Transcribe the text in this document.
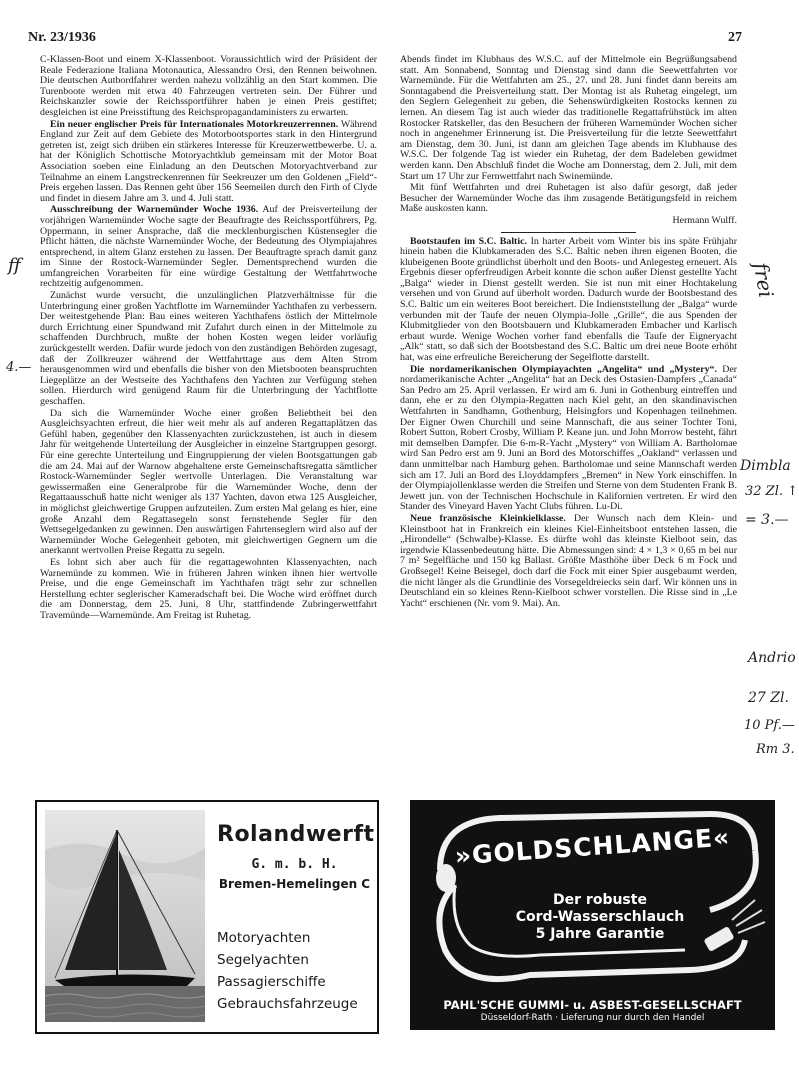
Nr. 23/1936	27

C-Klassen-Boot und einem X-Klassenboot. Voraussichtlich wird der Präsident der Reale Federazione Italiana Motonautica, Alessandro Orsi, den Rennen beiwohnen. Die deutschen Autbordfahrer werden nahezu vollzählig an den Start kommen. Die Turenboote werden mit etwa 40 Fahrzeugen vertreten sein. Der Führer und Reichskanzler sowie der Reichssportführer haben je einen Preis gestiftet; desgleichen ist eine Preisstiftung des Reichspropagandaministers zu erwarten.

Ein neuer englischer Preis für Internationales Motorkreuzerrennen. Während England zur Zeit auf dem Gebiete des Motorbootsportes stark in den Hintergrund getreten ist, zeigt sich drüben ein stärkeres Interesse für Kreuzerwettbewerbe. U. a. hat der Königlich Schottische Motoryachtklub gemeinsam mit der Motor Boat Association soeben eine Einladung an den Deutschen Motoryachtverband zur Teilnahme an einem Langstreckenrennen für Seekreuzer um den Goldenen „Field“-Preis ergehen lassen. Das Rennen geht über 156 Seemeilen durch den Firth of Clyde und findet in diesem Jahre am 3. und 4. Juli statt.

Ausschreibung der Warnemünder Woche 1936. Auf der Preisverteilung der vorjährigen Warnemünder Woche sagte der Beauftragte des Reichssportführers, Pg. Oppermann, in seiner Ansprache, daß die mecklenburgischen Küstensegler die Pflicht hätten, die nächste Warnemünder Woche, der Bedeutung des Olympiajahres entsprechend, in altem Glanz erstehen zu lassen. Der Beauftragte sprach damit ganz im Sinne der Rostock-Warnemünder Segler. Dementsprechend wurden die umfangreichen Vorarbeiten für eine würdige Gestaltung der Wettfahrtwoche rechtzeitig aufgenommen.

Zunächst wurde versucht, die unzulänglichen Platzverhältnisse für die Unterbringung einer großen Yachtflotte im Warnemünder Yachthafen zu verbessern. Der weitestgehende Plan: Bau eines weiteren Yachthafens östlich der Mittelmole durch Errichtung einer Spundwand mit Zufahrt durch einen in der Mittelmole zu schaffenden Durchbruch, mußte der hohen Kosten wegen leider vorläufig zurückgestellt werden. Dafür wurde jedoch von den zuständigen Behörden zugesagt, daß der Zollkreuzer während der Wettfahrttage aus dem Alten Strom herausgenommen wird und ebenfalls die bisher von den Mietsbooten beanspruchten Liegeplätze an der Westseite des Yachthafens den Yachten zur Verfügung stehen sollen. Hierdurch wird genügend Raum für die Unterbringung der Yachtflotte geschaffen.

Da sich die Warnemünder Woche einer großen Beliebtheit bei den Ausgleichsyachten erfreut, die hier weit mehr als auf anderen Regattaplätzen das Gefühl haben, gegenüber den Klassenyachten zurückzustehen, ist auch in diesem Jahr für weitgehende Unterteilung der Ausgleicher in einzelne Startgruppen gesorgt. Für eine gerechte Unterteilung und Eingruppierung der vielen Bootsgattungen gab die am 24. Mai auf der Warnow abgehaltene erste Gemeinschaftsregatta sämtlicher Rostock-Warnemünder Segler wertvolle Unterlagen. Die Veranstaltung war gewissermaßen eine Generalprobe für die Warnemünder Woche, denn der Regattaausschuß hatte nicht weniger als 137 Yachten, davon etwa 125 Ausgleicher, in möglichst gleichwertige Gruppen aufzuteilen. Zum ersten Mal gelang es hier, eine große Anzahl dem Regattasegeln sonst fernstehende Segler für den Wettsegelgedanken zu gewinnen. Den auswärtigen Fahrtenseglern wird also auf der Warnemünder Woche Gelegenheit geboten, mit gleichwertigen Gegnern um die anerkannt wertvollen Preise Regatta zu segeln.

Es lohnt sich aber auch für die regattagewohnten Klassenyachten, nach Warnemünde zu kommen. Wie in früheren Jahren winken ihnen hier wertvolle Preise, und die enge Gemeinschaft im Yachthafen trägt sehr zur schnellen Herstellung echter seglerischer Kameradschaft bei. Die Woche wird eröffnet durch die am Donnerstag, dem 25. Juni, 8 Uhr, stattfindende Zubringerwettfahrt Travemünde—Warnemünde. Am Freitag ist Ruhetag.

Abends findet im Klubhaus des W.S.C. auf der Mittelmole ein Begrüßungsabend statt. Am Sonnabend, Sonntag und Dienstag sind dann die Seewettfahrten vor Warnemünde. Für die Wettfahrten am 25., 27. und 28. Juni findet dann bereits am Sonntagabend die Preisverteilung statt. Der Montag ist als Ruhetag eingelegt, um den Seglern Gelegenheit zu geben, die Sehenswürdigkeiten Rostocks kennen zu lernen. An diesem Tag ist auch wieder das traditionelle Regattafrühstück im alten Rostocker Ratskeller, das den Besuchern der früheren Warnemünder Wochen sicher noch in angenehmer Erinnerung ist. Die Preisverteilung für die letzte Seewettfahrt am Dienstag, dem 30. Juni, ist dann am gleichen Tage abends im Klubhause des W.S.C. Der folgende Tag ist wieder ein Ruhetag, der dem Badeleben gewidmet werden kann. Den Abschluß findet die Woche am Donnerstag, dem 2. Juli, mit dem Start um 17 Uhr zur Fernwettfahrt nach Swinemünde.

Mit fünf Wettfahrten und drei Ruhetagen ist also dafür gesorgt, daß jeder Besucher der Warnemünder Woche das ihm zusagende Betätigungsfeld in reichem Maße auskosten kann.

Hermann Wulff.

Bootstaufen im S.C. Baltic. In harter Arbeit vom Winter bis ins späte Frühjahr hinein haben die Klubkameraden des S.C. Baltic neben ihren eigenen Booten, die klubeigenen Boote gründlichst überholt und den Boots- und Anlegesteg erneuert. Als Ergebnis dieser opferfreudigen Arbeit konnte die schon außer Dienst gestellte Yacht „Balga“ wieder in Dienst gestellt werden. Sie ist nun mit einer Hochtakelung versehen und von Grund auf überholt worden. Dadurch wurde der Bootsbestand des S.C. Baltic um ein weiteres Boot bereichert. Die Indienststellung der „Balga“ wurde verbunden mit der Taufe der neuen Olympia-Jolle „Grille“, die aus Spenden der Klubmitglieder von den Bootsbauern und Klubkameraden Embacher und Karlisch erbaut wurde. Wenige Wochen vorher fand ebenfalls die Taufe der Eigneryacht „Alk“ statt, so daß sich der Bootsbestand des S.C. Baltic um drei neue Boote erhöht hat, was eine erfreuliche Bereicherung der Segelflotte darstellt.

Die nordamerikanischen Olympiayachten „Angelita“ und „Mystery“. Der nordamerikanische Achter „Angelita“ hat an Deck des Ostasien-Dampfers „Canada“ San Pedro am 25. April verlassen. Er wird am 6. Juni in Gothenburg eintreffen und dann, ehe er zu den Olympia-Regatten nach Kiel geht, an den skandinavischen Wettfahrten in Sandhamn, Gothenburg, Helsingfors und Kopenhagen teilnehmen. Der Eigner Owen Churchill und seine Mannschaft, die aus seiner Tochter Toni, Robert Sutton, Robert Crosby, William P. Keane jun. und John Morrow besteht, fährt mit demselben Dampfer. Die 6-m-R-Yacht „Mystery“ von William A. Bartholomae wird San Pedro erst am 9. Juni an Bord des Motorschiffes „Oakland“ verlassen und dann unmittelbar nach Hamburg gehen. Bartholomae und seine Mannschaft werden sich am 17. Juli an Bord des Lloyddampfers „Bremen“ in New York einschiffen. In der Olympiajollenklasse werden die Streifen und Sterne von dem Studenten Frank B. Jewett jun. von der Technischen Hochschule in Kalifornien vertreten. Er wird den Stander des Vineyard Haven Yacht Clubs führen. Lu-Di.

Neue französische Kleinkielklasse. Der Wunsch nach dem Klein- und Kleinstboot hat in Frankreich ein kleines Kiel-Einheitsboot entstehen lassen, die „Hirondelle“ (Schwalbe)-Klasse. Es dürfte wohl das kleinste Kielboot sein, das irgendwie Klassenbedeutung hätte. Die Abmessungen sind: 4 × 1,3 × 0,65 m bei nur 7 m² Segelfläche und 150 kg Ballast. Größte Masthöhe über Deck 6 m Fock und Großsegel! Keine Beisegel, doch darf die Fock mit einer Spier ausgebaumt werden, die nicht länger als die Grundlinie des Vorsegeldreiecks sein darf. Wir können uns in Deutschland ein so kleines Renn-Kielboot schwer vorstellen. Die Risse sind in „Le Yacht“ erschienen (Nr. vom 9. Mai). An.

ff
4.—
frei
Dimbla
32 Zl. ↑
= 3.—
Andrio
27 Zl.
10 Pf.—
Rm 3.
Rolandwerft
G. m. b. H.
Bremen-Hemelingen C
Motoryachten
Segelyachten
Passagierschiffe
Gebrauchsfahrzeuge
»GOLDSCHLANGE«
Der robuste
Cord-Wasserschlauch
5 Jahre Garantie
PAHL'SCHE GUMMI- u. ASBEST-GESELLSCHAFT
Düsseldorf-Rath · Lieferung nur durch den Handel
